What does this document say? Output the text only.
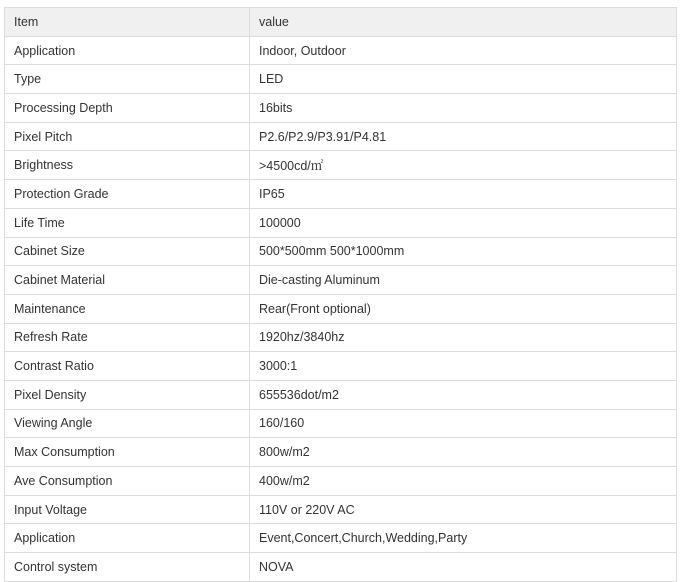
Item	value
Application	Indoor, Outdoor
Type	LED
Processing Depth	16bits
Pixel Pitch	P2.6/P2.9/P3.91/P4.81
Brightness	>4500cd/㎡
Protection Grade	IP65
Life Time	100000
Cabinet Size	500*500mm 500*1000mm
Cabinet Material	Die-casting Aluminum
Maintenance	Rear(Front optional)
Refresh Rate	1920hz/3840hz
Contrast Ratio	3000:1
Pixel Density	655536dot/m2
Viewing Angle	160/160
Max Consumption	800w/m2
Ave Consumption	400w/m2
Input Voltage	110V or 220V AC
Application	Event,Concert,Church,Wedding,Party
Control system	NOVA
